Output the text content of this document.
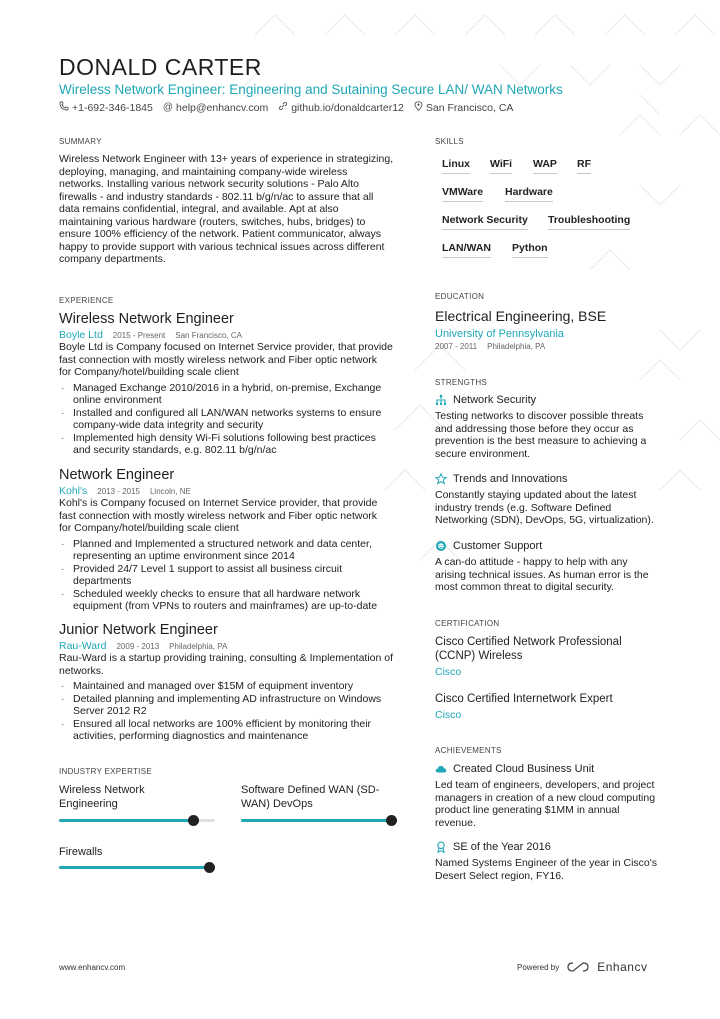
DONALD CARTER
Wireless Network Engineer: Engineering and Sutaining Secure LAN/ WAN Networks
+1-692-346-1845 @ help@enhancv.com github.io/donaldcarter12 San Francisco, CA
SUMMARY
Wireless Network Engineer with 13+ years of experience in strategizing,
deploying, managing, and maintaining company-wide wireless
networks. Installing various network security solutions - Palo Alto
firewalls - and industry standards - 802.11 b/g/n/ac to assure that all
data remains confidential, integral, and available. Apt at also
maintaining various hardware (routers, switches, hubs, bridges) to
ensure 100% efficiency of the network. Patient communicator, always
happy to provide support with various technical issues across different
company departments.
EXPERIENCE
Wireless Network Engineer
Boyle Ltd 2015 - Present San Francisco, CA
Boyle Ltd is Company focused on Internet Service provider, that provide
fast connection with mostly wireless network and Fiber optic network
for Company/hotel/building scale client
· Managed Exchange 2010/2016 in a hybrid, on-premise, Exchange
online environment
· Installed and configured all LAN/WAN networks systems to ensure
company-wide data integrity and security
· Implemented high density Wi-Fi solutions following best practices
and security standards, e.g. 802.11 b/g/n/ac
Network Engineer
Kohl's 2013 - 2015 Lincoln, NE
Kohl's is Company focused on Internet Service provider, that provide
fast connection with mostly wireless network and Fiber optic network
for Company/hotel/building scale client
· Planned and Implemented a structured network and data center,
representing an uptime environment since 2014
· Provided 24/7 Level 1 support to assist all business circuit
departments
· Scheduled weekly checks to ensure that all hardware network
equipment (from VPNs to routers and mainframes) are up-to-date
Junior Network Engineer
Rau-Ward 2009 - 2013 Philadelphia, PA
Rau-Ward is a startup providing training, consulting & Implementation of
networks.
· Maintained and managed over $15M of equipment inventory
· Detailed planning and implementing AD infrastructure on Windows
Server 2012 R2
· Ensured all local networks are 100% efficient by monitoring their
activities, performing diagnostics and maintenance
INDUSTRY EXPERTISE
Wireless Network
Engineering
Software Defined WAN (SD-
WAN) DevOps
Firewalls
SKILLS
Linux WiFi WAP RF
VMWare Hardware
Network Security Troubleshooting
LAN/WAN Python
EDUCATION
Electrical Engineering, BSE
University of Pennsylvania
2007 - 2011 Philadelphia, PA
STRENGTHS
Network Security
Testing networks to discover possible threats
and addressing those before they occur as
prevention is the best measure to achieving a
secure environment.
Trends and Innovations
Constantly staying updated about the latest
industry trends (e.g. Software Defined
Networking (SDN), DevOps, 5G, virtualization).
Customer Support
A can-do attitude - happy to help with any
arising technical issues. As human error is the
most common threat to digital security.
CERTIFICATION
Cisco Certified Network Professional
(CCNP) Wireless
Cisco
Cisco Certified Internetwork Expert
Cisco
ACHIEVEMENTS
Created Cloud Business Unit
Led team of engineers, developers, and project
managers in creation of a new cloud computing
product line generating $1MM in annual
revenue.
SE of the Year 2016
Named Systems Engineer of the year in Cisco's
Desert Select region, FY16.
www.enhancv.com	Powered by	Enhancv
